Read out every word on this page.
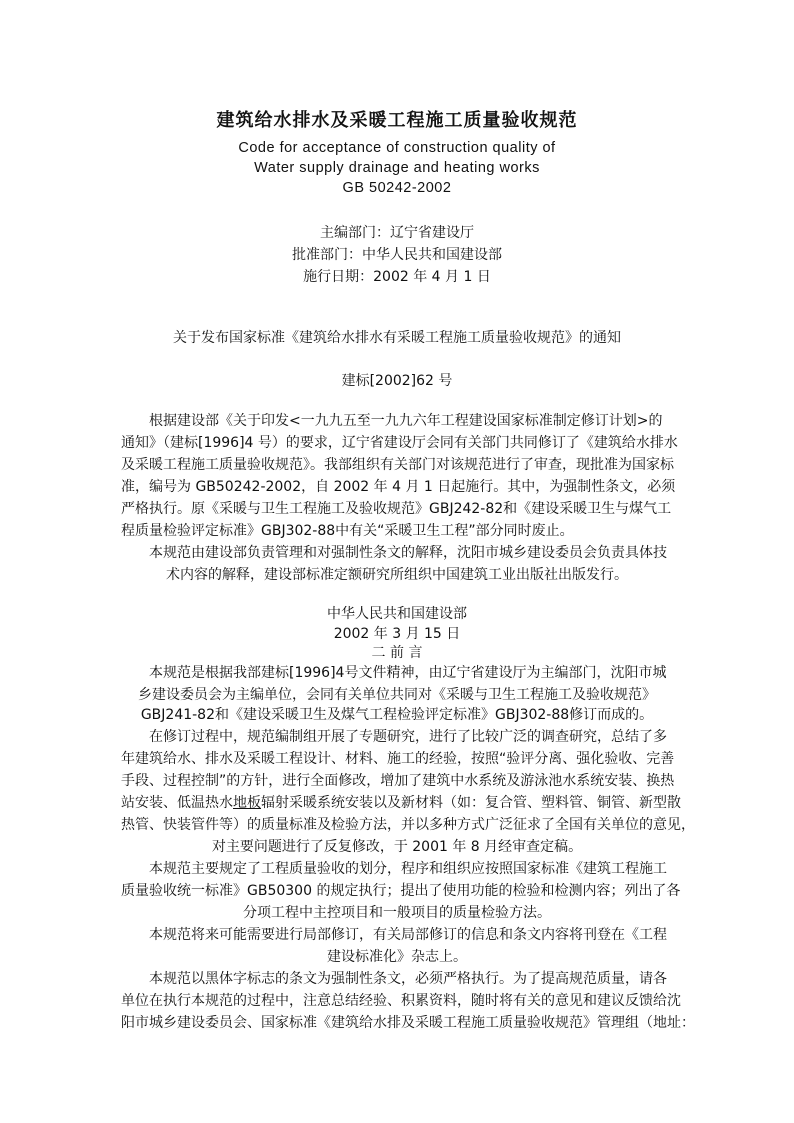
建筑给水排水及采暖工程施工质量验收规范
Code for acceptance of construction quality of
Water supply drainage and heating works
GB 50242-2002
主编部门：辽宁省建设厅
批准部门：中华人民共和国建设部
施行日期：2002 年 4 月 1 日
关于发布国家标准《建筑给水排水有采暖工程施工质量验收规范》的通知
建标[2002]62 号
根据建设部《关于印发<一九九五至一九九六年工程建设国家标准制定修订计划>的
通知》（建标[1996]4 号）的要求，辽宁省建设厅会同有关部门共同修订了《建筑给水排水
及采暖工程施工质量验收规范》。我部组织有关部门对该规范进行了审查，现批准为国家标
准，编号为 GB50242-2002，自 2002 年 4 月 1 日起施行。其中，为强制性条文，必须
严格执行。原《采暖与卫生工程施工及验收规范》GBJ242-82和《建设采暖卫生与煤气工
程质量检验评定标准》GBJ302-88中有关“采暖卫生工程”部分同时废止。
本规范由建设部负责管理和对强制性条文的解释，沈阳市城乡建设委员会负责具体技
术内容的解释，建设部标准定额研究所组织中国建筑工业出版社出版发行。
中华人民共和国建设部
2002 年 3 月 15 日
二 前 言
本规范是根据我部建标[1996]4号文件精神，由辽宁省建设厅为主编部门，沈阳市城
乡建设委员会为主编单位，会同有关单位共同对《采暖与卫生工程施工及验收规范》
GBJ241-82和《建设采暖卫生及煤气工程检验评定标准》GBJ302-88修订而成的。
在修订过程中，规范编制组开展了专题研究，进行了比较广泛的调查研究，总结了多
年建筑给水、排水及采暖工程设计、材料、施工的经验，按照“验评分离、强化验收、完善
手段、过程控制”的方针，进行全面修改，增加了建筑中水系统及游泳池水系统安装、换热
站安装、低温热水地板辐射采暖系统安装以及新材料（如：复合管、塑料管、铜管、新型散
热管、快装管件等）的质量标准及检验方法，并以多种方式广泛征求了全国有关单位的意见，
对主要问题进行了反复修改，于 2001 年 8 月经审查定稿。
本规范主要规定了工程质量验收的划分，程序和组织应按照国家标准《建筑工程施工
质量验收统一标准》GB50300 的规定执行；提出了使用功能的检验和检测内容；列出了各
分项工程中主控项目和一般项目的质量检验方法。
本规范将来可能需要进行局部修订，有关局部修订的信息和条文内容将刊登在《工程
建设标准化》杂志上。
本规范以黑体字标志的条文为强制性条文，必须严格执行。为了提高规范质量，请各
单位在执行本规范的过程中，注意总结经验、积累资料，随时将有关的意见和建议反馈给沈
阳市城乡建设委员会、国家标准《建筑给水排及采暖工程施工质量验收规范》管理组（地址：
